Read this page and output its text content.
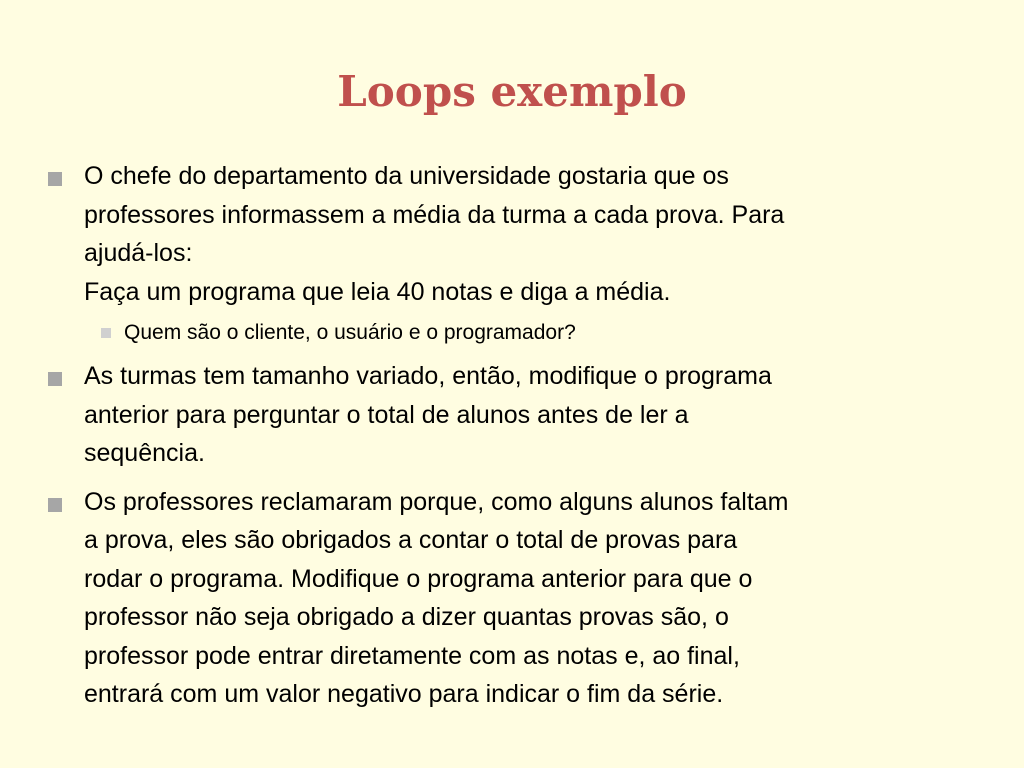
Loops exemplo
O chefe do departamento da universidade gostaria que os
professores informassem a média da turma a cada prova. Para
ajudá-los:
Faça um programa que leia 40 notas e diga a média.
Quem são o cliente, o usuário e o programador?
As turmas tem tamanho variado, então, modifique o programa
anterior para perguntar o total de alunos antes de ler a
sequência.
Os professores reclamaram porque, como alguns alunos faltam
a prova, eles são obrigados a contar o total de provas para
rodar o programa. Modifique o programa anterior para que o
professor não seja obrigado a dizer quantas provas são, o
professor pode entrar diretamente com as notas e, ao final,
entrará com um valor negativo para indicar o fim da série.
